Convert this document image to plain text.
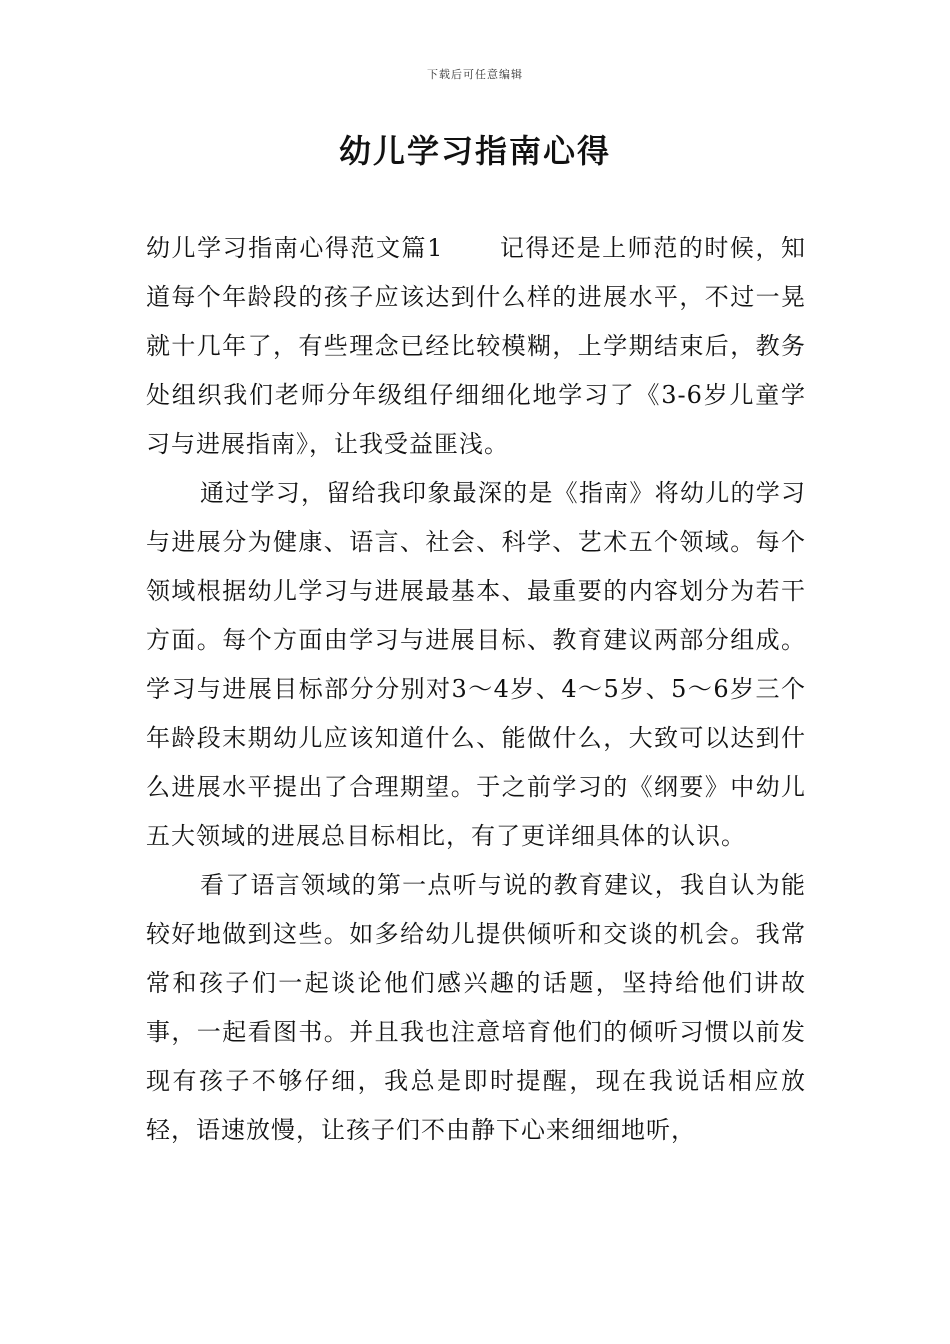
下载后可任意编辑
幼儿学习指南心得

幼儿学习指南心得范文篇1 记得还是上师范的时候，知道每个年龄段的孩子应该达到什么样的进展水平，不过一晃就十几年了，有些理念已经比较模糊，上学期结束后，教务处组织我们老师分年级组仔细细化地学习了《3-6岁儿童学习与进展指南》，让我受益匪浅。

通过学习，留给我印象最深的是《指南》将幼儿的学习与进展分为健康、语言、社会、科学、艺术五个领域。每个领域根据幼儿学习与进展最基本、最重要的内容划分为若干方面。每个方面由学习与进展目标、教育建议两部分组成。学习与进展目标部分分别对3～4岁、4～5岁、5～6岁三个年龄段末期幼儿应该知道什么、能做什么，大致可以达到什么进展水平提出了合理期望。于之前学习的《纲要》中幼儿五大领域的进展总目标相比，有了更详细具体的认识。

看了语言领域的第一点听与说的教育建议，我自认为能较好地做到这些。如多给幼儿提供倾听和交谈的机会。我常常和孩子们一起谈论他们感兴趣的话题，坚持给他们讲故事，一起看图书。并且我也注意培育他们的倾听习惯以前发现有孩子不够仔细，我总是即时提醒，现在我说话相应放轻，语速放慢，让孩子们不由静下心来细细地听，
